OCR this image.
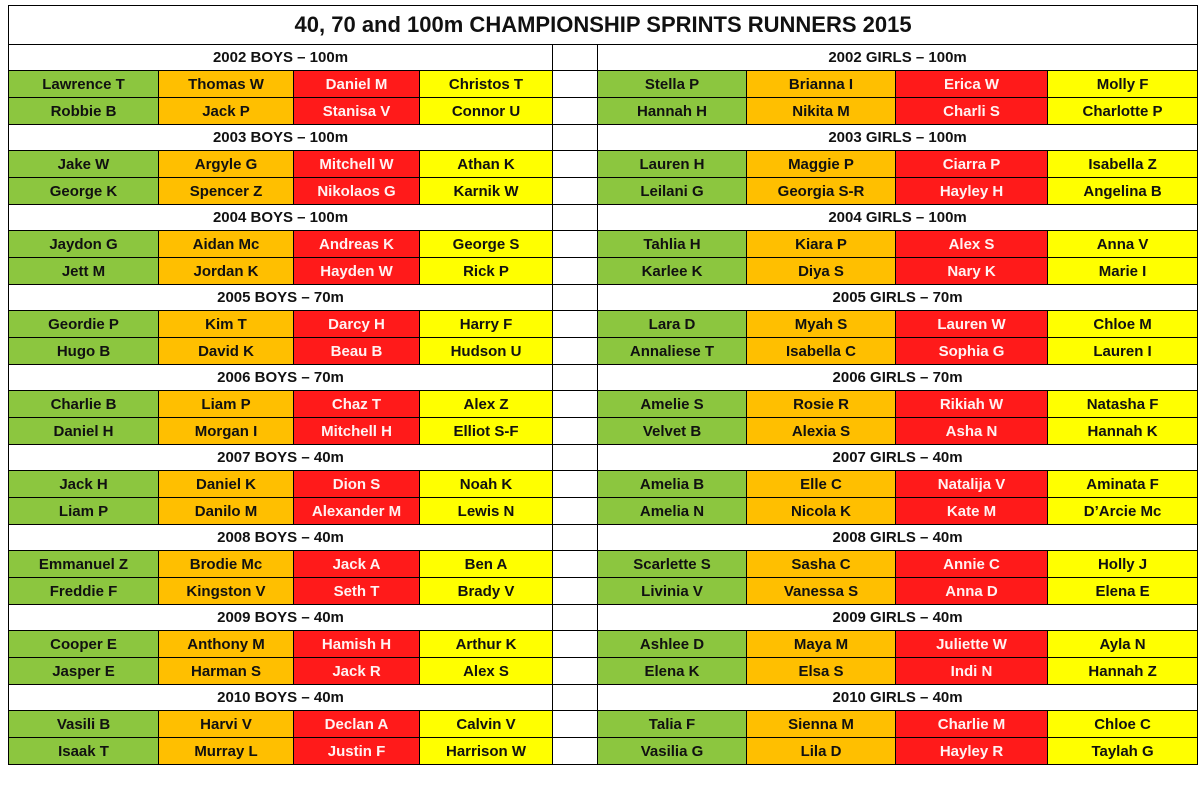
40, 70 and 100m CHAMPIONSHIP SPRINTS RUNNERS 2015								
2002 BOYS – 100m					2002 GIRLS – 100m			
Lawrence T	Thomas W	Daniel M	Christos T		Stella P	Brianna I	Erica W	Molly F
Robbie B	Jack P	Stanisa V	Connor U		Hannah H	Nikita M	Charli S	Charlotte P
2003 BOYS – 100m					2003 GIRLS – 100m			
Jake W	Argyle G	Mitchell W	Athan K		Lauren H	Maggie P	Ciarra P	Isabella Z
George K	Spencer Z	Nikolaos G	Karnik W		Leilani G	Georgia S-R	Hayley H	Angelina B
2004 BOYS – 100m					2004 GIRLS – 100m			
Jaydon G	Aidan Mc	Andreas K	George S		Tahlia H	Kiara P	Alex S	Anna V
Jett M	Jordan K	Hayden W	Rick P		Karlee K	Diya S	Nary K	Marie I
2005 BOYS – 70m					2005 GIRLS – 70m			
Geordie P	Kim T	Darcy H	Harry F		Lara D	Myah S	Lauren W	Chloe M
Hugo B	David K	Beau B	Hudson U		Annaliese T	Isabella C	Sophia G	Lauren I
2006 BOYS – 70m					2006 GIRLS – 70m			
Charlie B	Liam P	Chaz T	Alex Z		Amelie S	Rosie R	Rikiah W	Natasha F
Daniel H	Morgan I	Mitchell H	Elliot S-F		Velvet B	Alexia S	Asha N	Hannah K
2007 BOYS – 40m					2007 GIRLS – 40m			
Jack H	Daniel K	Dion S	Noah K		Amelia B	Elle C	Natalija V	Aminata F
Liam P	Danilo M	Alexander M	Lewis N		Amelia N	Nicola K	Kate M	D’Arcie Mc
2008 BOYS – 40m					2008 GIRLS – 40m			
Emmanuel Z	Brodie Mc	Jack A	Ben A		Scarlette S	Sasha C	Annie C	Holly J
Freddie F	Kingston V	Seth T	Brady V		Livinia V	Vanessa S	Anna D	Elena E
2009 BOYS – 40m					2009 GIRLS – 40m			
Cooper E	Anthony M	Hamish H	Arthur K		Ashlee D	Maya M	Juliette W	Ayla N
Jasper E	Harman S	Jack R	Alex S		Elena K	Elsa S	Indi N	Hannah Z
2010 BOYS – 40m					2010 GIRLS – 40m			
Vasili B	Harvi V	Declan A	Calvin V		Talia F	Sienna M	Charlie M	Chloe C
Isaak T	Murray L	Justin F	Harrison W		Vasilia G	Lila D	Hayley R	Taylah G
